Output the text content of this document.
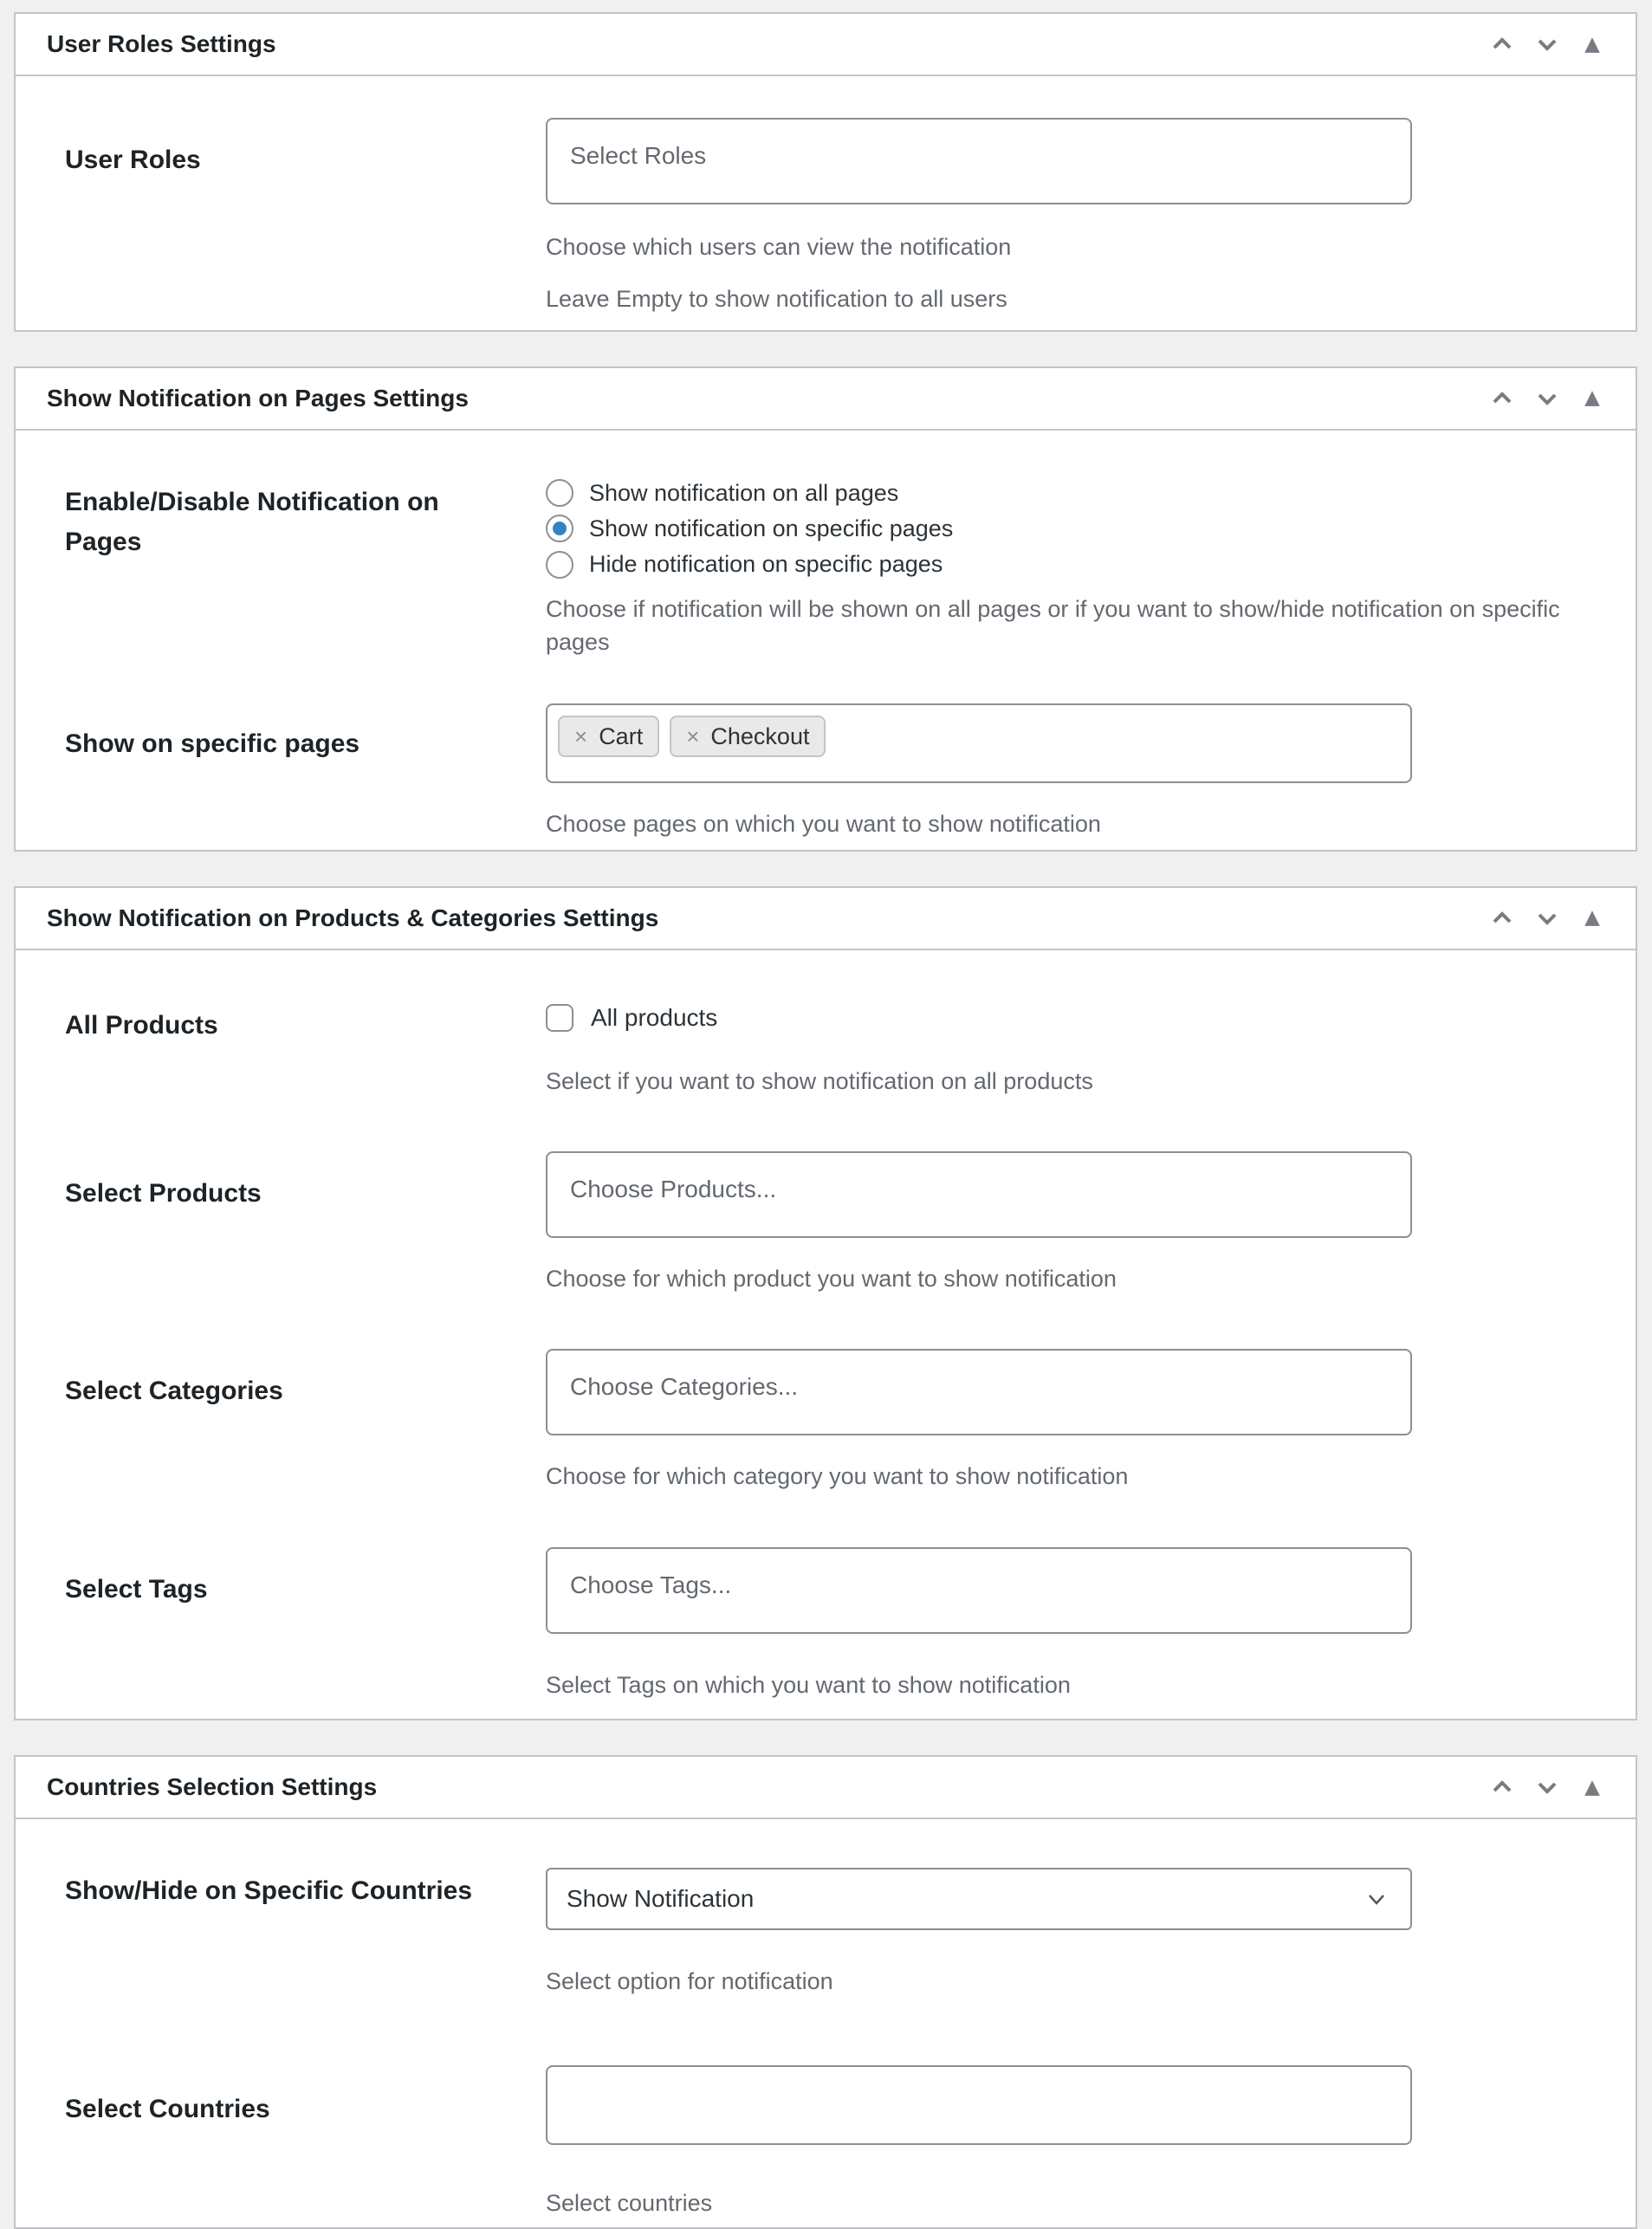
User Roles Settings	▲
User Roles	Select Roles

Choose which users can view the notification

Leave Empty to show notification to all users

Show Notification on Pages Settings	▲
Enable/Disable Notification on Pages
Show notification on all pages
Show notification on specific pages
Hide notification on specific pages

Choose if notification will be shown on all pages or if you want to show/hide notification on specific
pages

Show on specific pages	× Cart × Checkout

Choose pages on which you want to show notification

Show Notification on Products & Categories Settings	▲
All Products	All products

Select if you want to show notification on all products

Select Products	Choose Products...

Choose for which product you want to show notification

Select Categories	Choose Categories...

Choose for which category you want to show notification

Select Tags	Choose Tags...

Select Tags on which you want to show notification

Countries Selection Settings	▲
Show/Hide on Specific Countries	Show Notification

Select option for notification

Select Countries

Select countries
